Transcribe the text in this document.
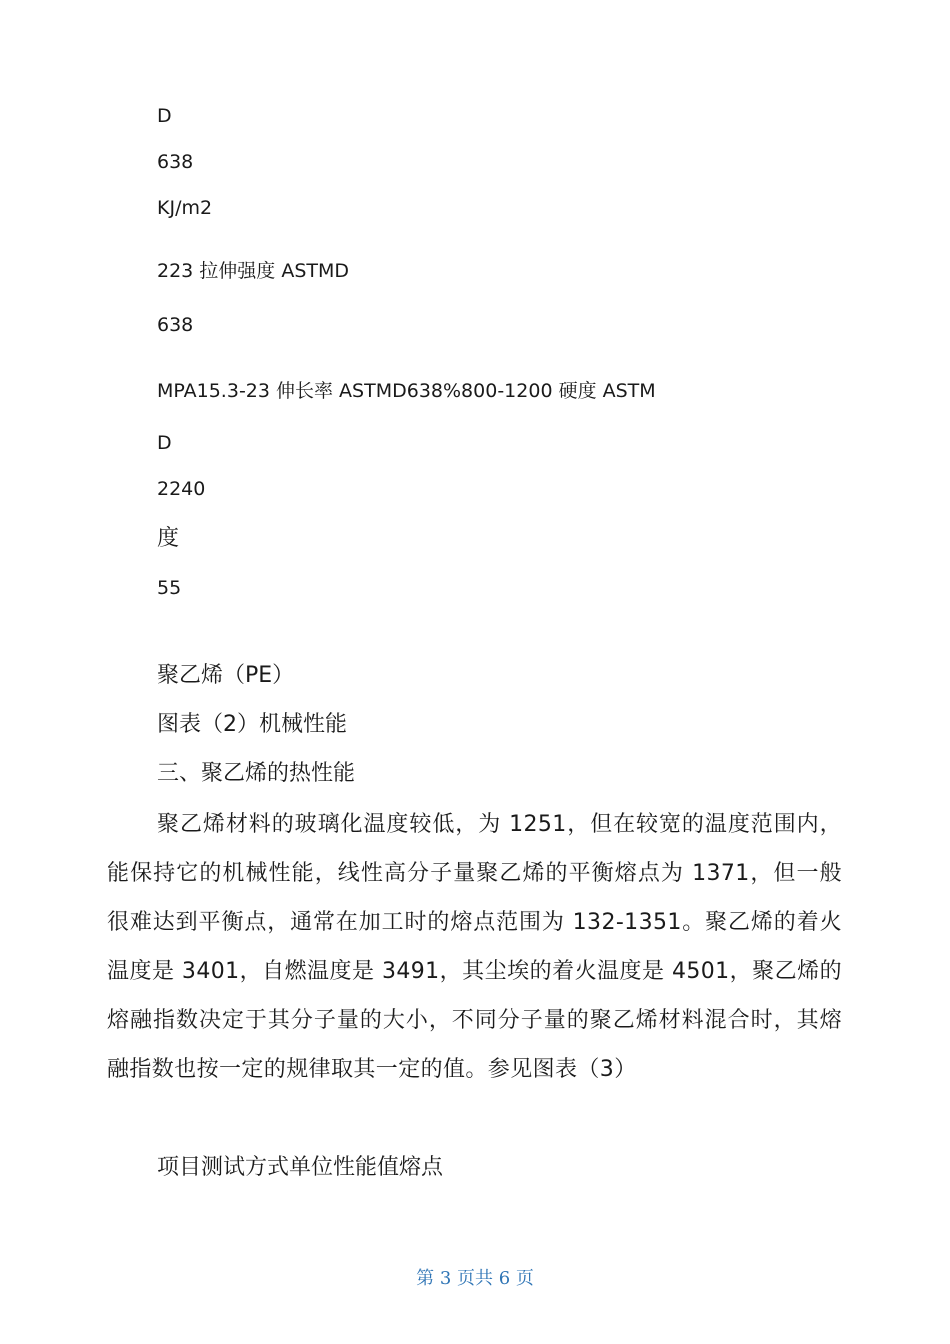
D
638
KJ/m2
223 拉伸强度 ASTMD
638
MPA15.3-23 伸长率 ASTMD638%800-1200 硬度 ASTM
D
2240
度
55
聚乙烯（PE）
图表（2）机械性能
三、聚乙烯的热性能

聚乙烯材料的玻璃化温度较低，为 1251，但在较宽的温度范围内，能保持它的机械性能，线性高分子量聚乙烯的平衡熔点为 1371，但一般很难达到平衡点，通常在加工时的熔点范围为 132-1351。聚乙烯的着火温度是 3401，自燃温度是 3491，其尘埃的着火温度是 4501，聚乙烯的熔融指数决定于其分子量的大小，不同分子量的聚乙烯材料混合时，其熔融指数也按一定的规律取其一定的值。参见图表（3）

项目测试方式单位性能值熔点
第 3 页共 6 页
